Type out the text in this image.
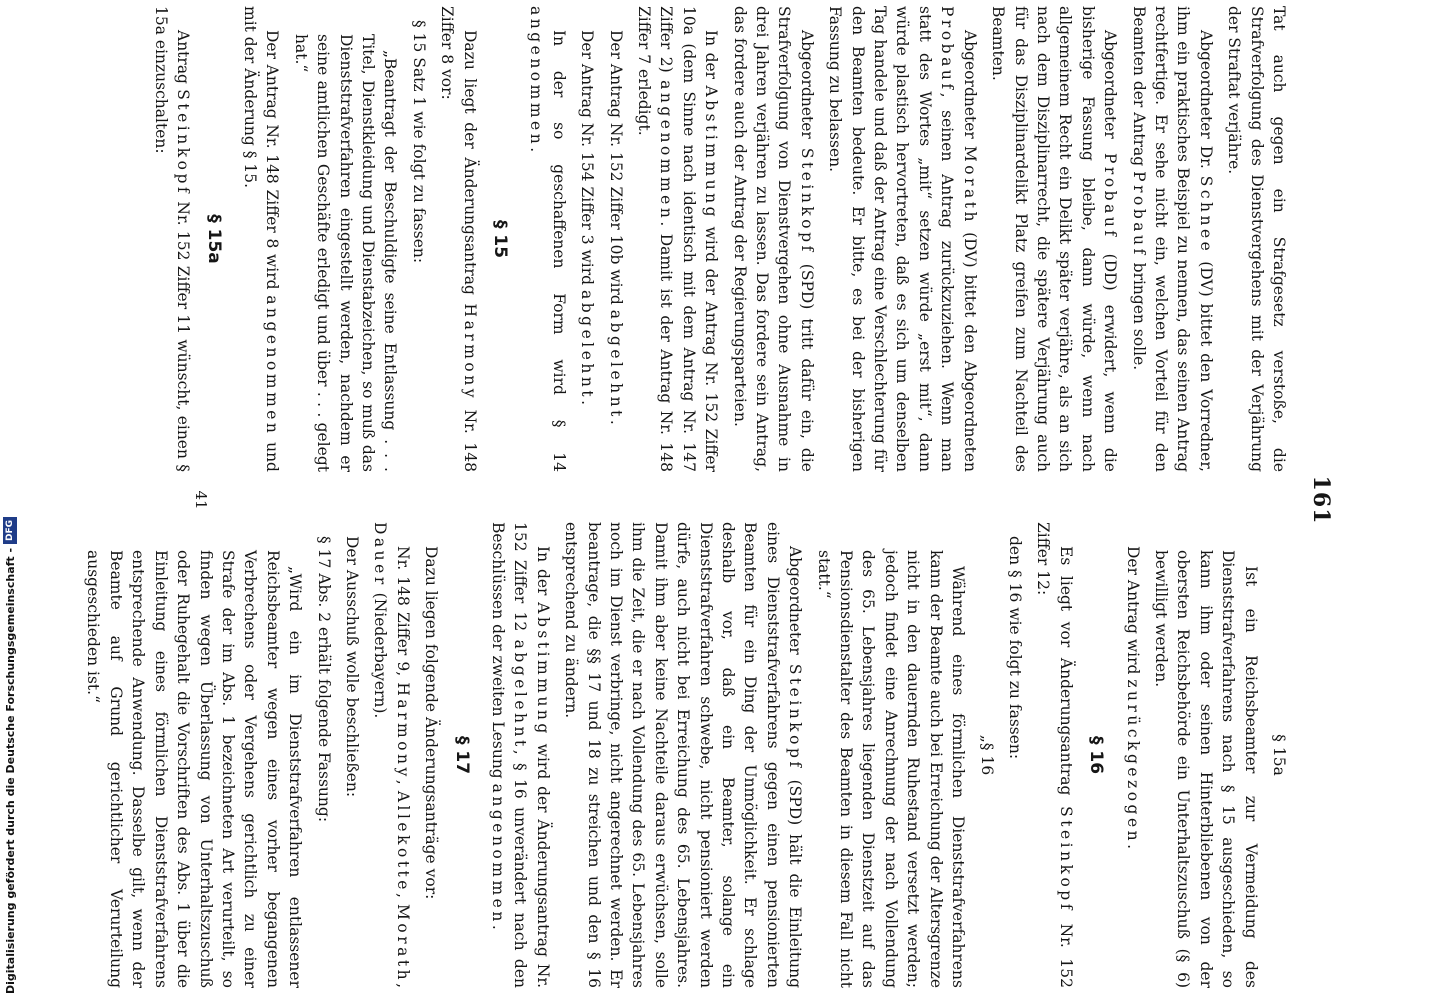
161

Tat auch gegen ein Strafgesetz verstoße, die Strafverfolgung des Dienstvergehens mit der Verjährung der Straftat verjähre.

Abgeordneter Dr. Schnee (DV) bittet den Vorredner, ihm ein praktisches Beispiel zu nennen, das seinen Antrag rechtfertige. Er sehe nicht ein, welchen Vorteil für den Beamten der Antrag Probauf bringen solle.

Abgeordneter Probauf (DD) erwidert, wenn die bisherige Fassung bleibe, dann würde, wenn nach allgemeinem Recht ein Delikt später verjähre, als an sich nach dem Disziplinarrecht, die spätere Verjährung auch für das Disziplinardelikt Platz greifen zum Nachteil des Beamten.

Abgeordneter Morath (DV) bittet den Abgeordneten Probauf, seinen Antrag zurückzuziehen. Wenn man statt des Wortes „mit“ setzen würde „erst mit“, dann würde plastisch hervortreten, daß es sich um denselben Tag handele und daß der Antrag eine Verschlechterung für den Beamten bedeute. Er bitte, es bei der bisherigen Fassung zu belassen.

Abgeordneter Steinkopf (SPD) tritt dafür ein, die Strafverfolgung von Dienstvergehen ohne Ausnahme in drei Jahren verjähren zu lassen. Das fordere sein Antrag, das fordere auch der Antrag der Regierungsparteien.

In der Abstimmung wird der Antrag Nr. 152 Ziffer 10a (dem Sinne nach identisch mit dem Antrag Nr. 147 Ziffer 2) angenommen. Damit ist der Antrag Nr. 148 Ziffer 7 erledigt.

Der Antrag Nr. 152 Ziffer 10b wird abgelehnt.

Der Antrag Nr. 154 Ziffer 3 wird abgelehnt.

In der so geschaffenen Form wird § 14 angenommen.

§ 15

Dazu liegt der Änderungsantrag Harmony Nr. 148 Ziffer 8 vor:

§ 15 Satz 1 wie folgt zu fassen:

„Beantragt der Beschuldigte seine Entlassung . . . Titel, Dienstkleidung und Dienstabzeichen, so muß das Dienststrafverfahren eingestellt werden, nachdem er seine amtlichen Geschäfte erledigt und über . . . gelegt hat.“

Der Antrag Nr. 148 Ziffer 8 wird angenommen und mit der Änderung § 15.

§ 15a

Antrag Steinkopf Nr. 152 Ziffer 11 wünscht, einen § 15a einzuschalten:

§ 15a

Ist ein Reichsbeamter zur Vermeidung des Dienststrafverfahrens nach § 15 ausgeschieden, so kann ihm oder seinen Hinterbliebenen von der obersten Reichsbehörde ein Unterhaltszuschuß (§ 6) bewilligt werden.

Der Antrag wird zurückgezogen.

§ 16

Es liegt vor Änderungsantrag Steinkopf Nr. 152 Ziffer 12:

den § 16 wie folgt zu fassen:

„§ 16

Während eines förmlichen Dienststrafverfahrens kann der Beamte auch bei Erreichung der Altersgrenze nicht in den dauernden Ruhestand versetzt werden; jedoch findet eine Anrechnung der nach Vollendung des 65. Lebensjahres liegenden Dienstzeit auf das Pensionsdienstalter des Beamten in diesem Fall nicht statt.“

Abgeordneter Steinkopf (SPD) hält die Einleitung eines Dienststrafverfahrens gegen einen pensionierten Beamten für ein Ding der Unmöglichkeit. Er schlage deshalb vor, daß ein Beamter, solange ein Dienststrafverfahren schwebe, nicht pensioniert werden dürfe, auch nicht bei Erreichung des 65. Lebensjahres. Damit ihm aber keine Nachteile daraus erwüchsen, solle ihm die Zeit, die er nach Vollendung des 65. Lebensjahres noch im Dienst verbringe, nicht angerechnet werden. Er beantrage, die §§ 17 und 18 zu streichen und den § 16 entsprechend zu ändern.

In der Abstimmung wird der Änderungsantrag Nr. 152 Ziffer 12 abgelehnt, § 16 unverändert nach den Beschlüssen der zweiten Lesung angenommen.

§ 17

Dazu liegen folgende Änderungsanträge vor:

Nr. 148 Ziffer 9, Harmony, Allekotte, Morath, Dauer (Niederbayern).

Der Ausschuß wolle beschließen:

§ 17 Abs. 2 erhält folgende Fassung:

„Wird ein im Dienststrafverfahren entlassener Reichsbeamter wegen eines vorher begangenen Verbrechens oder Vergehens gerichtlich zu einer Strafe der im Abs. 1 bezeichneten Art verurteilt, so finden wegen Überlassung von Unterhaltszuschuß oder Ruhegehalt die Vorschriften des Abs. 1 über die Einleitung eines förmlichen Dienststrafverfahrens entsprechende Anwendung. Dasselbe gilt, wenn der Beamte auf Grund gerichtlicher Verurteilung ausgeschieden ist.“

41
Digitalisierung gefördert durch die Deutsche Forschungsgemeinschaft -
DFG
